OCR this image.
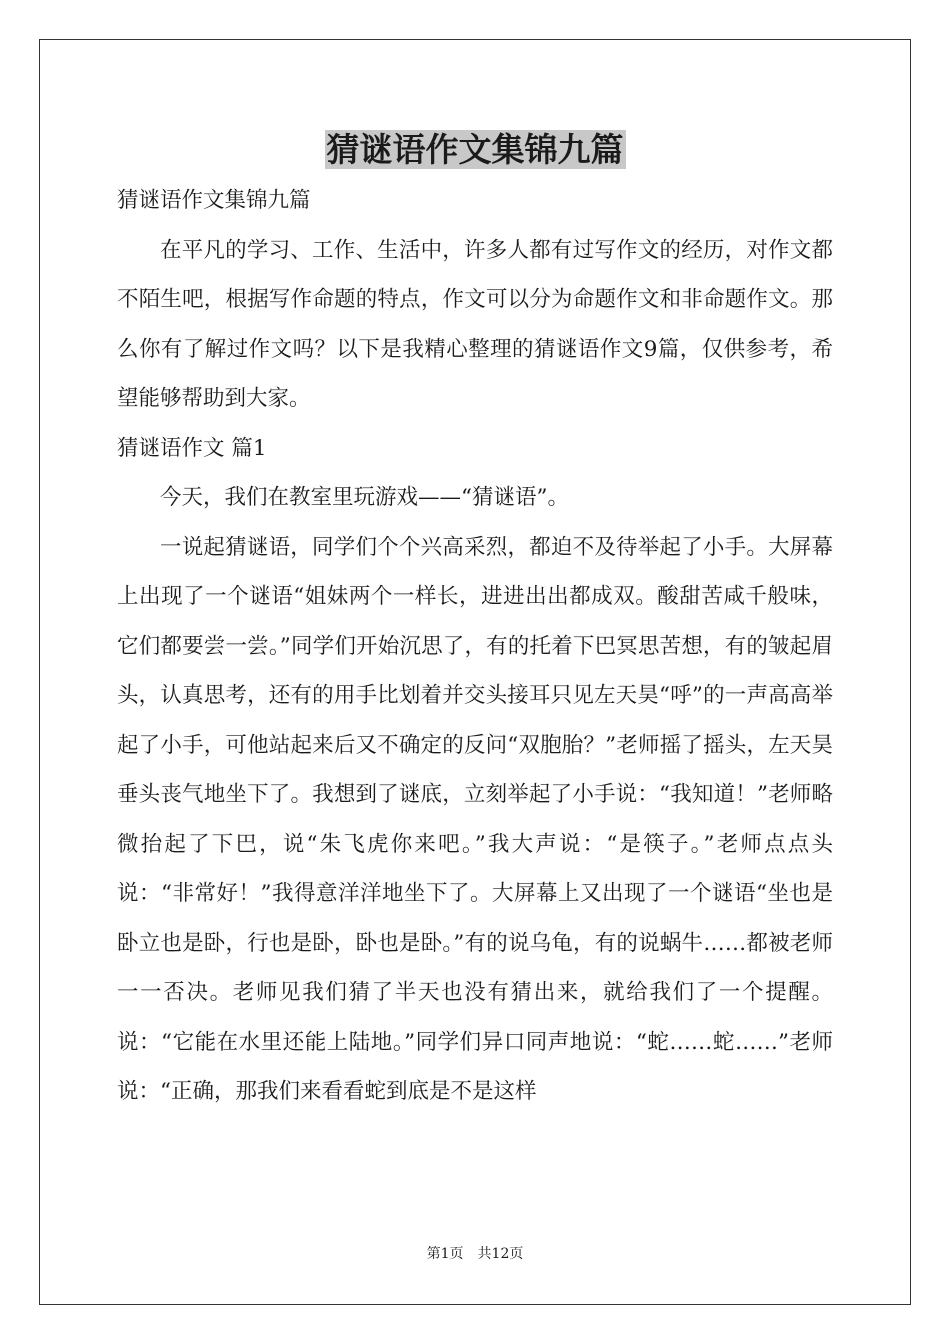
猜谜语作文集锦九篇

猜谜语作文集锦九篇

在平凡的学习、工作、生活中，许多人都有过写作文的经历，对作文都不陌生吧，根据写作命题的特点，作文可以分为命题作文和非命题作文。那么你有了解过作文吗？以下是我精心整理的猜谜语作文9篇，仅供参考，希望能够帮助到大家。

猜谜语作文 篇1

今天，我们在教室里玩游戏——“猜谜语”。

一说起猜谜语，同学们个个兴高采烈，都迫不及待举起了小手。大屏幕上出现了一个谜语“姐妹两个一样长，进进出出都成双。酸甜苦咸千般味，它们都要尝一尝。”同学们开始沉思了，有的托着下巴冥思苦想，有的皱起眉头，认真思考，还有的用手比划着并交头接耳只见左天昊“呼”的一声高高举起了小手，可他站起来后又不确定的反问“双胞胎？”老师摇了摇头，左天昊垂头丧气地坐下了。我想到了谜底，立刻举起了小手说：“我知道！”老师略微抬起了下巴，说“朱飞虎你来吧。”我大声说：“是筷子。”老师点点头说：“非常好！”我得意洋洋地坐下了。大屏幕上又出现了一个谜语“坐也是卧立也是卧，行也是卧，卧也是卧。”有的说乌龟，有的说蜗牛……都被老师一一否决。老师见我们猜了半天也没有猜出来，就给我们了一个提醒。说：“它能在水里还能上陆地。”同学们异口同声地说：“蛇……蛇……”老师说：“正确，那我们来看看蛇到底是不是这样

第1页 共12页
